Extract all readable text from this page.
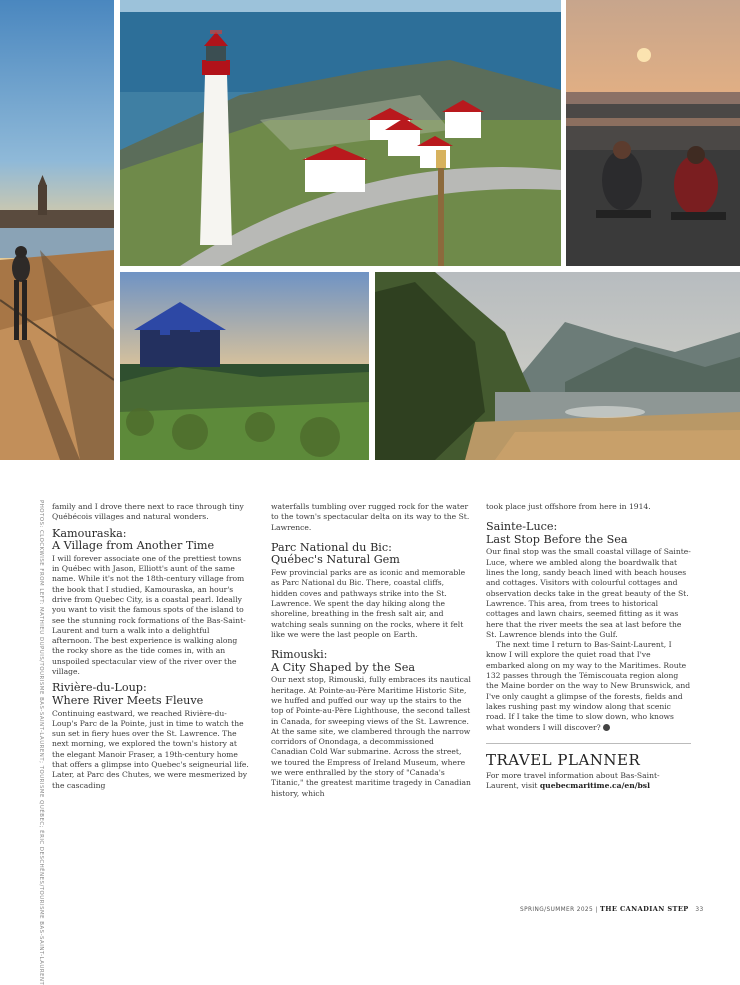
PHOTOS: CLOCKWISE FROM LEFT: MATHIEU DUPUIS/TOURISME BAS-SAINT-LAURENT; TOURISME QUÉBEC; ÉRIC DESCHÊNES/TOURISME BAS-SAINT-LAURENT family and I drove there next to race through tiny Québécois villages and natural wonders.

Kamouraska:
A Village from Another Time

I will forever associate one of the prettiest towns in Québec with Jason, Elliott's aunt of the same name. While it's not the 18th-century village from the book that I studied, Kamouraska, an hour's drive from Quebec City, is a coastal pearl. Ideally you want to visit the famous spots of the island to see the stunning rock formations of the Bas-Saint-Laurent and turn a walk into a delightful afternoon. The best experience is walking along the rocky shore as the tide comes in, with an unspoiled spectacular view of the river over the village.

Rivière-du-Loup:
Where River Meets Fleuve

Continuing eastward, we reached Rivière-du-Loup's Parc de la Pointe, just in time to watch the sun set in fiery hues over the St. Lawrence. The next morning, we explored the town's history at the elegant Manoir Fraser, a 19th-century home that offers a glimpse into Quebec's seigneurial life. Later, at Parc des Chutes, we were mesmerized by the cascading

waterfalls tumbling over rugged rock for the water to the town's spectacular delta on its way to the St. Lawrence.

Parc National du Bic:
Québec's Natural Gem

Few provincial parks are as iconic and memorable as Parc National du Bic. There, coastal cliffs, hidden coves and pathways strike into the St. Lawrence. We spent the day hiking along the shoreline, breathing in the fresh salt air, and watching seals sunning on the rocks, where it felt like we were the last people on Earth.

Rimouski:
A City Shaped by the Sea

Our next stop, Rimouski, fully embraces its nautical heritage. At Pointe-au-Père Maritime Historic Site, we huffed and puffed our way up the stairs to the top of Pointe-au-Père Lighthouse, the second tallest in Canada, for sweeping views of the St. Lawrence. At the same site, we clambered through the narrow corridors of Onondaga, a decommissioned Canadian Cold War submarine. Across the street, we toured the Empress of Ireland Museum, where we were enthralled by the story of "Canada's Titanic," the greatest maritime tragedy in Canadian history, which

took place just offshore from here in 1914.

Sainte-Luce:
Last Stop Before the Sea

Our final stop was the small coastal village of Sainte-Luce, where we ambled along the boardwalk that lines the long, sandy beach lined with beach houses and cottages. Visitors with colourful cottages and observation decks take in the great beauty of the St. Lawrence. This area, from trees to historical cottages and lawn chairs, seemed fitting as it was here that the river meets the sea at last before the St. Lawrence blends into the Gulf.

The next time I return to Bas-Saint-Laurent, I know I will explore the quiet road that I've embarked along on my way to the Maritimes. Route 132 passes through the Témiscouata region along the Maine border on the way to New Brunswick, and I've only caught a glimpse of the forests, fields and lakes rushing past my window along that scenic road. If I take the time to slow down, who knows what wonders I will discover? ◆

TRAVEL PLANNER

For more travel information about Bas-Saint-Laurent, visit quebecmaritime.ca/en/bsl

SPRING/SUMMER 2025 | THE CANADIAN STEP 33
